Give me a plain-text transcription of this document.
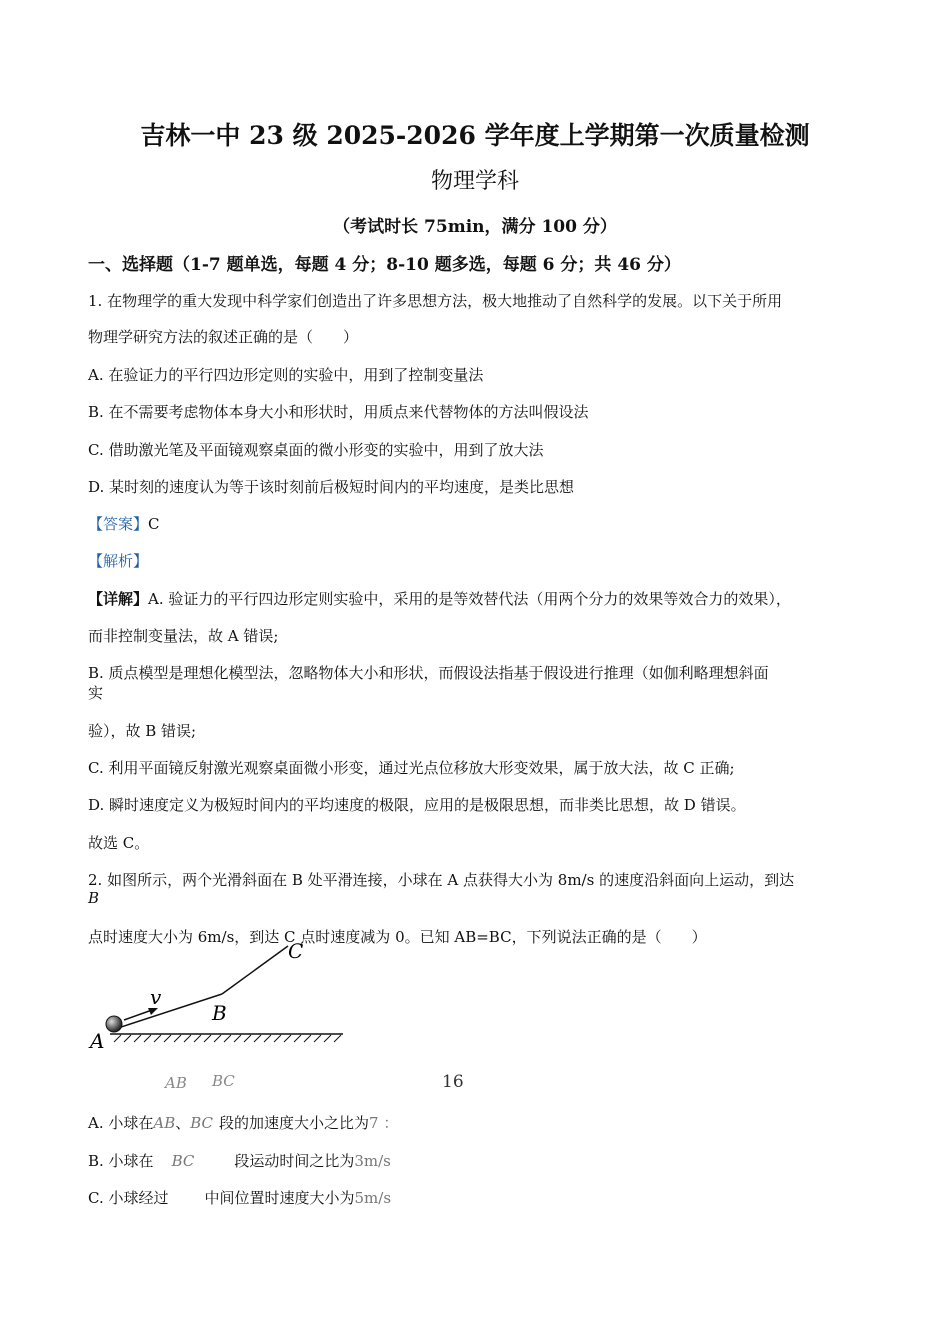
吉林一中 23 级 2025-2026 学年度上学期第一次质量检测
物理学科
（考试时长 75min，满分 100 分）
一、选择题（1-7 题单选，每题 4 分；8-10 题多选，每题 6 分；共 46 分）
1. 在物理学的重大发现中科学家们创造出了许多思想方法，极大地推动了自然科学的发展。以下关于所用
物理学研究方法的叙述正确的是（　　）
A. 在验证力的平行四边形定则的实验中，用到了控制变量法
B. 在不需要考虑物体本身大小和形状时，用质点来代替物体的方法叫假设法
C. 借助激光笔及平面镜观察桌面的微小形变的实验中，用到了放大法
D. 某时刻的速度认为等于该时刻前后极短时间内的平均速度，是类比思想
【答案】C
【解析】
【详解】A. 验证力的平行四边形定则实验中，采用的是等效替代法（用两个分力的效果等效合力的效果），
而非控制变量法，故 A 错误;
B. 质点模型是理想化模型法，忽略物体大小和形状，而假设法指基于假设进行推理（如伽利略理想斜面
实
验），故 B 错误;
C. 利用平面镜反射激光观察桌面微小形变，通过光点位移放大形变效果，属于放大法，故 C 正确;
D. 瞬时速度定义为极短时间内的平均速度的极限，应用的是极限思想，而非类比思想，故 D 错误。
故选 C。
2. 如图所示，两个光滑斜面在 B 处平滑连接，小球在 A 点获得大小为 8m/s 的速度沿斜面向上运动，到达
B
点时速度大小为 6m/s，到达 C 点时速度减为 0。已知 AB=BC，下列说法正确的是（　　）
v
B
C
A
AB BC	16
A. 小球在AB、BC 段的加速度大小之比为7 ：
B. 小球在 BC	段运动时间之比为3m/s
C. 小球经过 中间位置时速度大小为5m/s
